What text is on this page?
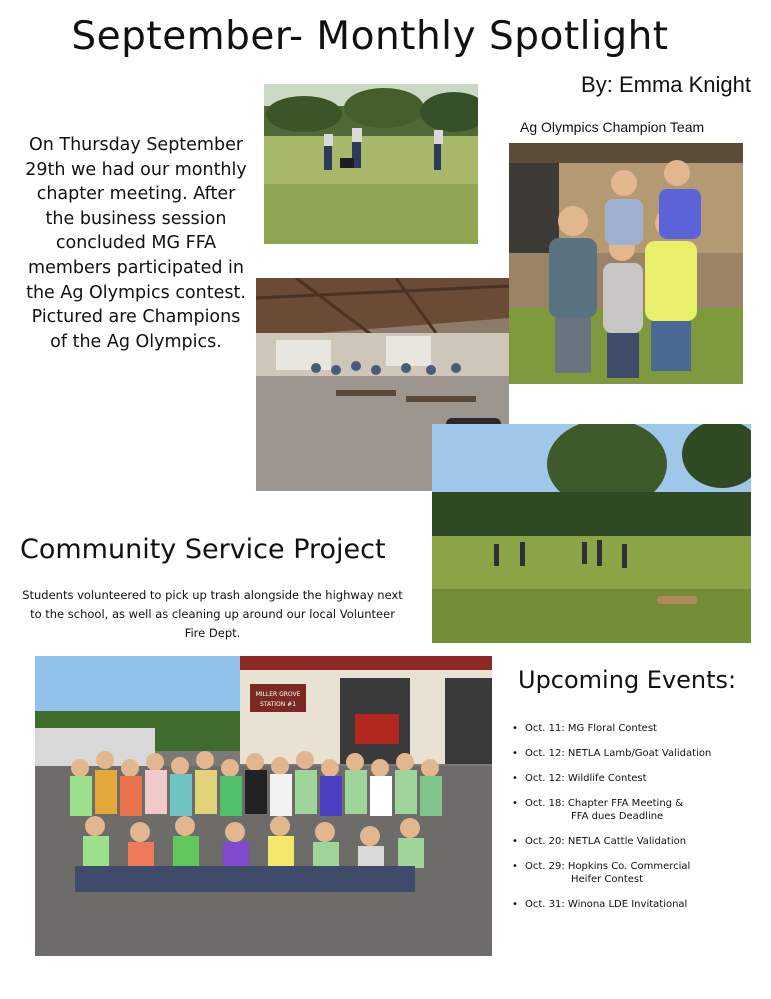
September- Monthly Spotlight
By: Emma Knight
Ag Olympics Champion Team
On Thursday September 29th we had our monthly chapter meeting. After the business session concluded MG FFA members participated in the Ag Olympics contest. Pictured are Champions of the Ag Olympics.
Community Service Project
Students volunteered to pick up trash alongside the highway next to the school, as well as cleaning up around our local Volunteer Fire Dept.
MILLER GROVE
STATION #1
Upcoming Events:
• Oct. 11: MG Floral Contest
• Oct. 12: NETLA Lamb/Goat Validation
• Oct. 12: Wildlife Contest
• Oct. 18: Chapter FFA Meeting &
FFA dues Deadline
• Oct. 20: NETLA Cattle Validation
• Oct. 29: Hopkins Co. Commercial
Heifer Contest
• Oct. 31: Winona LDE Invitational
